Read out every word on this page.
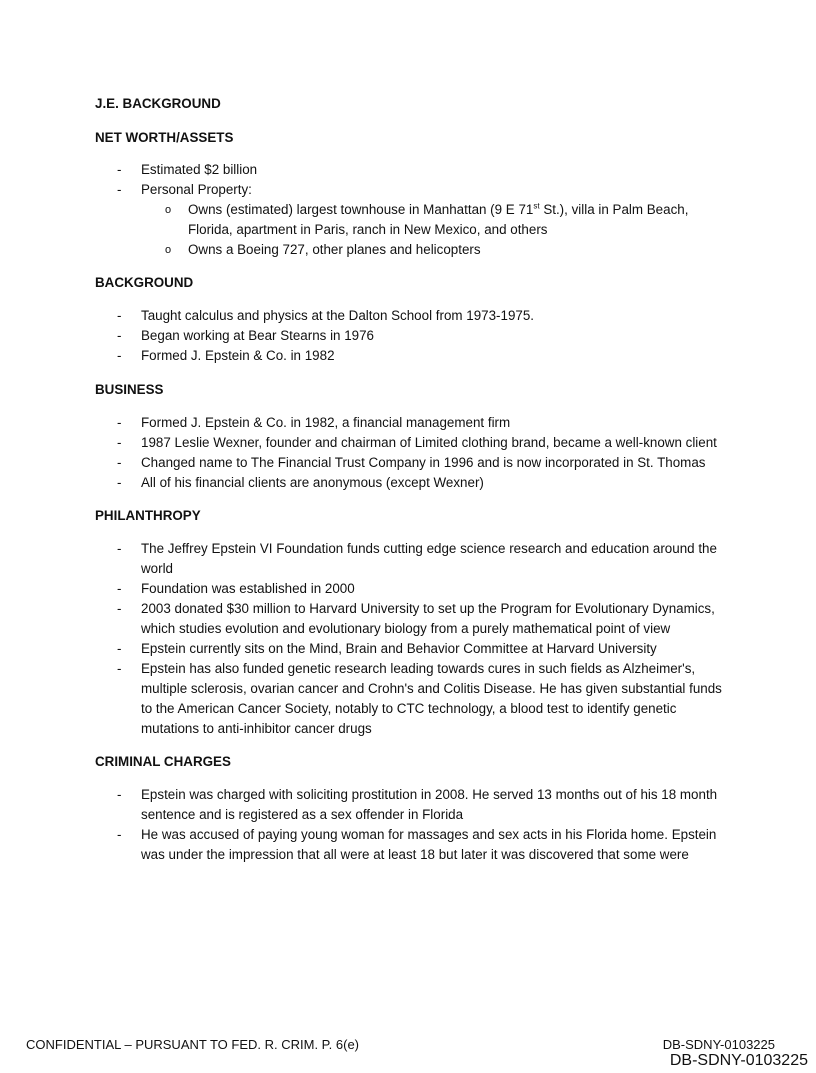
J.E. BACKGROUND
NET WORTH/ASSETS
- Estimated $2 billion
- Personal Property:
o Owns (estimated) largest townhouse in Manhattan (9 E 71st St.), villa in Palm Beach, Florida, apartment in Paris, ranch in New Mexico, and others
o Owns a Boeing 727, other planes and helicopters
BACKGROUND
- Taught calculus and physics at the Dalton School from 1973-1975.
- Began working at Bear Stearns in 1976
- Formed J. Epstein & Co. in 1982
BUSINESS
- Formed J. Epstein & Co. in 1982, a financial management firm
- 1987 Leslie Wexner, founder and chairman of Limited clothing brand, became a well-known client
- Changed name to The Financial Trust Company in 1996 and is now incorporated in St. Thomas
- All of his financial clients are anonymous (except Wexner)
PHILANTHROPY
- The Jeffrey Epstein VI Foundation funds cutting edge science research and education around the world
- Foundation was established in 2000
- 2003 donated $30 million to Harvard University to set up the Program for Evolutionary Dynamics, which studies evolution and evolutionary biology from a purely mathematical point of view
- Epstein currently sits on the Mind, Brain and Behavior Committee at Harvard University
- Epstein has also funded genetic research leading towards cures in such fields as Alzheimer's, multiple sclerosis, ovarian cancer and Crohn's and Colitis Disease. He has given substantial funds to the American Cancer Society, notably to CTC technology, a blood test to identify genetic mutations to anti-inhibitor cancer drugs
CRIMINAL CHARGES
- Epstein was charged with soliciting prostitution in 2008. He served 13 months out of his 18 month sentence and is registered as a sex offender in Florida
- He was accused of paying young woman for massages and sex acts in his Florida home. Epstein was under the impression that all were at least 18 but later it was discovered that some were
CONFIDENTIAL – PURSUANT TO FED. R. CRIM. P. 6(e)	DB-SDNY-0103225
DB-SDNY-0103225
